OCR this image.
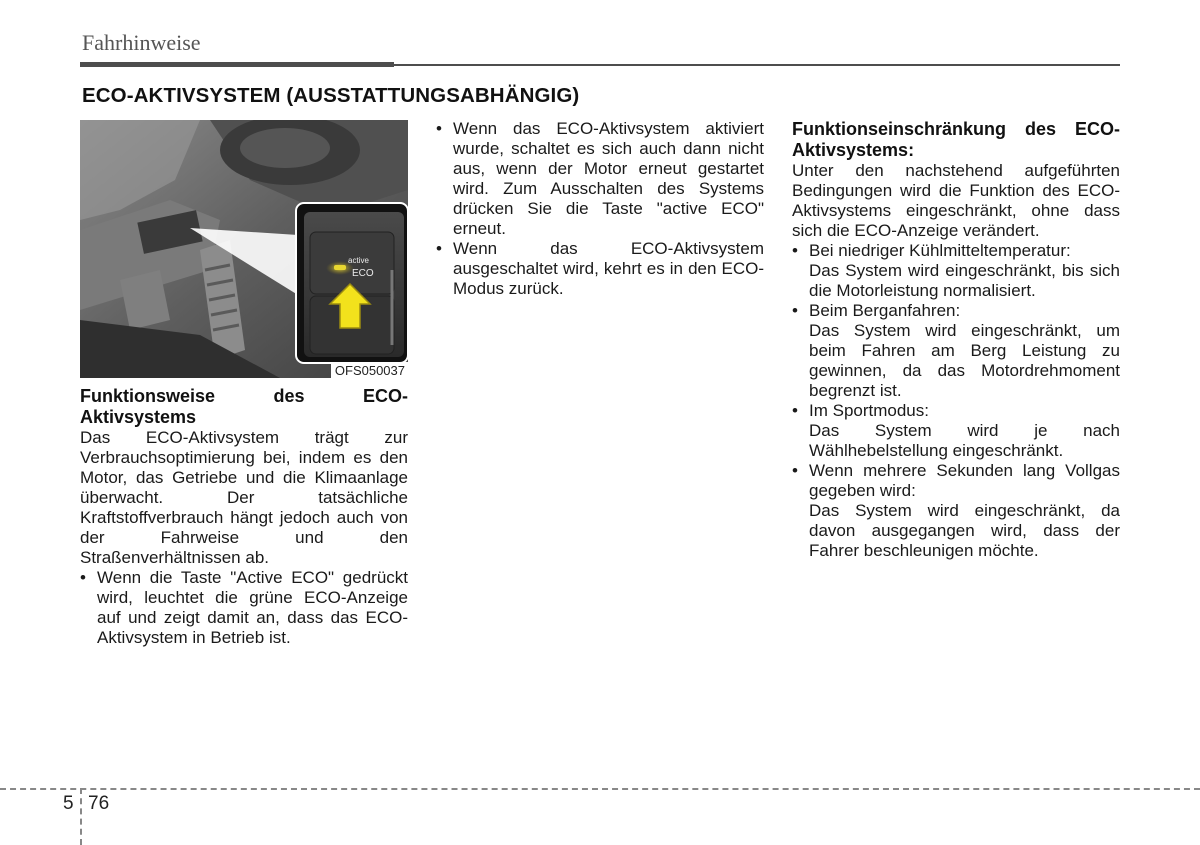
Fahrhinweise
ECO-AKTIVSYSTEM (AUSSTATTUNGSABHÄNGIG)
active
ECO
OFS050037

Funktionsweise des ECO-Aktivsystems

Das ECO-Aktivsystem trägt zur Verbrauchsoptimierung bei, indem es den Motor, das Getriebe und die Klimaanlage überwacht. Der tatsächliche Kraftstoffverbrauch hängt jedoch auch von der Fahrweise und den Straßenverhältnissen ab.

• Wenn die Taste "Active ECO" gedrückt wird, leuchtet die grüne ECO-Anzeige auf und zeigt damit an, dass das ECO-Aktivsystem in Betrieb ist.

• Wenn das ECO-Aktivsystem aktiviert wurde, schaltet es sich auch dann nicht aus, wenn der Motor erneut gestartet wird. Zum Ausschalten des Systems drücken Sie die Taste "active ECO" erneut.

• Wenn das ECO-Aktivsystem ausgeschaltet wird, kehrt es in den ECO-Modus zurück.

Funktionseinschränkung des ECO-Aktivsystems:

Unter den nachstehend aufgeführten Bedingungen wird die Funktion des ECO-Aktivsystems eingeschränkt, ohne dass sich die ECO-Anzeige verändert.

• Bei niedriger Kühlmitteltemperatur:

Das System wird eingeschränkt, bis sich die Motorleistung normalisiert.

• Beim Berganfahren:

Das System wird eingeschränkt, um beim Fahren am Berg Leistung zu gewinnen, da das Motordrehmoment begrenzt ist.

• Im Sportmodus:

Das System wird je nach Wählhebelstellung eingeschränkt.

• Wenn mehrere Sekunden lang Vollgas gegeben wird:

Das System wird eingeschränkt, da davon ausgegangen wird, dass der Fahrer beschleunigen möchte.

5 76
